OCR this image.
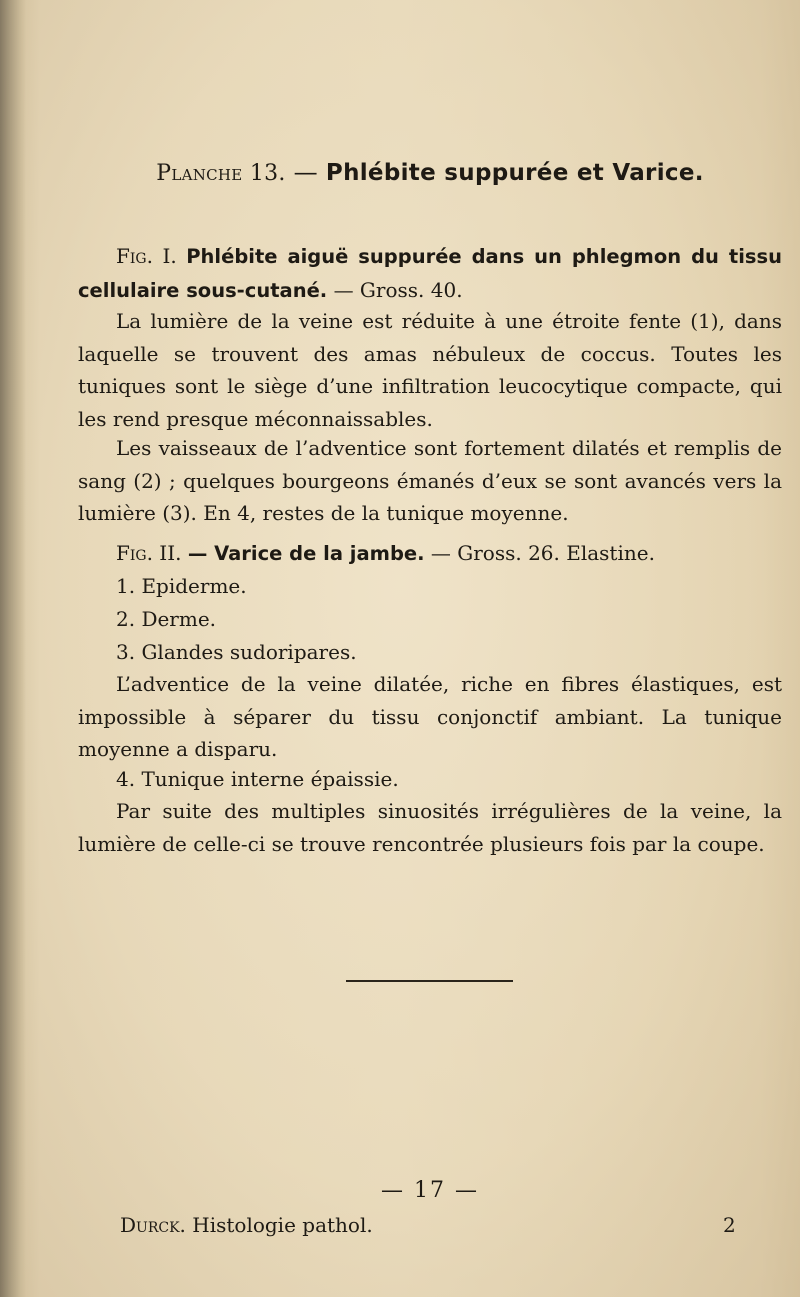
Planche 13. — Phlébite suppurée et Varice.

Fig. I. Phlébite aiguë suppurée dans un phlegmon du tissu cellulaire sous-cutané. — Gross. 40.

La lumière de la veine est réduite à une étroite fente (1), dans laquelle se trouvent des amas nébuleux de coccus. Toutes les tuniques sont le siège d’une infiltration leucocytique compacte, qui les rend presque méconnaissables.

Les vaisseaux de l’adventice sont fortement dilatés et remplis de sang (2) ; quelques bourgeons émanés d’eux se sont avancés vers la lumière (3). En 4, restes de la tunique moyenne.

Fig. II. — Varice de la jambe. — Gross. 26. Elastine.

1. Epiderme.
2. Derme.
3. Glandes sudoripares.

L’adventice de la veine dilatée, riche en fibres élastiques, est impossible à séparer du tissu conjonctif ambiant. La tunique moyenne a disparu.

4. Tunique interne épaissie.

Par suite des multiples sinuosités irrégulières de la veine, la lumière de celle-ci se trouve rencontrée plusieurs fois par la coupe.

— 17 —
Durck. Histologie pathol.	2
